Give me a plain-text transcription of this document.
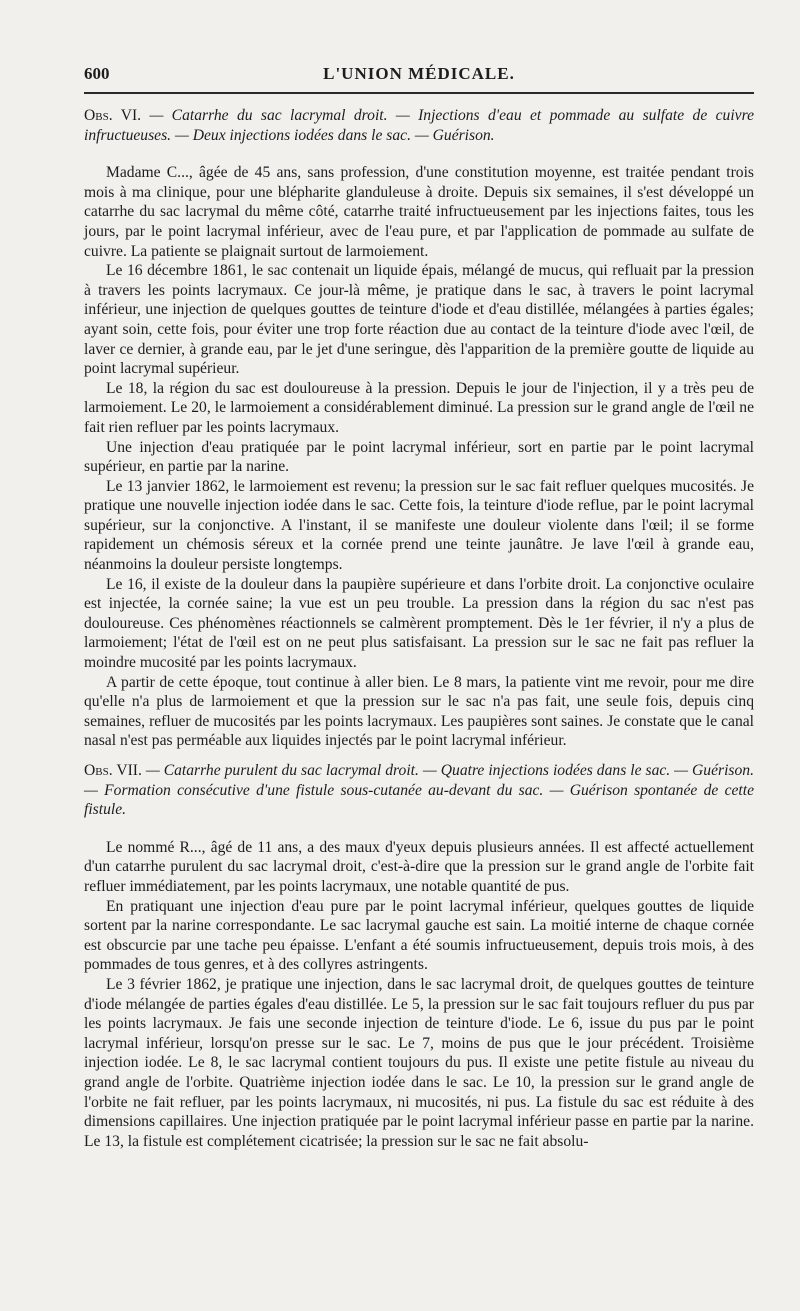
600	L'UNION MÉDICALE.

Obs. VI. — Catarrhe du sac lacrymal droit. — Injections d'eau et pommade au sulfate de cuivre infructueuses. — Deux injections iodées dans le sac. — Guérison.

Madame C..., âgée de 45 ans, sans profession, d'une constitution moyenne, est traitée pendant trois mois à ma clinique, pour une blépharite glanduleuse à droite. Depuis six semaines, il s'est développé un catarrhe du sac lacrymal du même côté, catarrhe traité infructueusement par les injections faites, tous les jours, par le point lacrymal inférieur, avec de l'eau pure, et par l'application de pommade au sulfate de cuivre. La patiente se plaignait surtout de larmoiement.

Le 16 décembre 1861, le sac contenait un liquide épais, mélangé de mucus, qui refluait par la pression à travers les points lacrymaux. Ce jour-là même, je pratique dans le sac, à travers le point lacrymal inférieur, une injection de quelques gouttes de teinture d'iode et d'eau distillée, mélangées à parties égales; ayant soin, cette fois, pour éviter une trop forte réaction due au contact de la teinture d'iode avec l'œil, de laver ce dernier, à grande eau, par le jet d'une seringue, dès l'apparition de la première goutte de liquide au point lacrymal supérieur.

Le 18, la région du sac est douloureuse à la pression. Depuis le jour de l'injection, il y a très peu de larmoiement. Le 20, le larmoiement a considérablement diminué. La pression sur le grand angle de l'œil ne fait rien refluer par les points lacrymaux.

Une injection d'eau pratiquée par le point lacrymal inférieur, sort en partie par le point lacrymal supérieur, en partie par la narine.

Le 13 janvier 1862, le larmoiement est revenu; la pression sur le sac fait refluer quelques mucosités. Je pratique une nouvelle injection iodée dans le sac. Cette fois, la teinture d'iode reflue, par le point lacrymal supérieur, sur la conjonctive. A l'instant, il se manifeste une douleur violente dans l'œil; il se forme rapidement un chémosis séreux et la cornée prend une teinte jaunâtre. Je lave l'œil à grande eau, néanmoins la douleur persiste longtemps.

Le 16, il existe de la douleur dans la paupière supérieure et dans l'orbite droit. La conjonctive oculaire est injectée, la cornée saine; la vue est un peu trouble. La pression dans la région du sac n'est pas douloureuse. Ces phénomènes réactionnels se calmèrent promptement. Dès le 1er février, il n'y a plus de larmoiement; l'état de l'œil est on ne peut plus satisfaisant. La pression sur le sac ne fait pas refluer la moindre mucosité par les points lacrymaux.

A partir de cette époque, tout continue à aller bien. Le 8 mars, la patiente vint me revoir, pour me dire qu'elle n'a plus de larmoiement et que la pression sur le sac n'a pas fait, une seule fois, depuis cinq semaines, refluer de mucosités par les points lacrymaux. Les paupières sont saines. Je constate que le canal nasal n'est pas perméable aux liquides injectés par le point lacrymal inférieur.

Obs. VII. — Catarrhe purulent du sac lacrymal droit. — Quatre injections iodées dans le sac. — Guérison. — Formation consécutive d'une fistule sous-cutanée au-devant du sac. — Guérison spontanée de cette fistule.

Le nommé R..., âgé de 11 ans, a des maux d'yeux depuis plusieurs années. Il est affecté actuellement d'un catarrhe purulent du sac lacrymal droit, c'est-à-dire que la pression sur le grand angle de l'orbite fait refluer immédiatement, par les points lacrymaux, une notable quantité de pus.

En pratiquant une injection d'eau pure par le point lacrymal inférieur, quelques gouttes de liquide sortent par la narine correspondante. Le sac lacrymal gauche est sain. La moitié interne de chaque cornée est obscurcie par une tache peu épaisse. L'enfant a été soumis infructueusement, depuis trois mois, à des pommades de tous genres, et à des collyres astringents.

Le 3 février 1862, je pratique une injection, dans le sac lacrymal droit, de quelques gouttes de teinture d'iode mélangée de parties égales d'eau distillée. Le 5, la pression sur le sac fait toujours refluer du pus par les points lacrymaux. Je fais une seconde injection de teinture d'iode. Le 6, issue du pus par le point lacrymal inférieur, lorsqu'on presse sur le sac. Le 7, moins de pus que le jour précédent. Troisième injection iodée. Le 8, le sac lacrymal contient toujours du pus. Il existe une petite fistule au niveau du grand angle de l'orbite. Quatrième injection iodée dans le sac. Le 10, la pression sur le grand angle de l'orbite ne fait refluer, par les points lacrymaux, ni mucosités, ni pus. La fistule du sac est réduite à des dimensions capillaires. Une injection pratiquée par le point lacrymal inférieur passe en partie par la narine. Le 13, la fistule est complétement cicatrisée; la pression sur le sac ne fait absolu-
